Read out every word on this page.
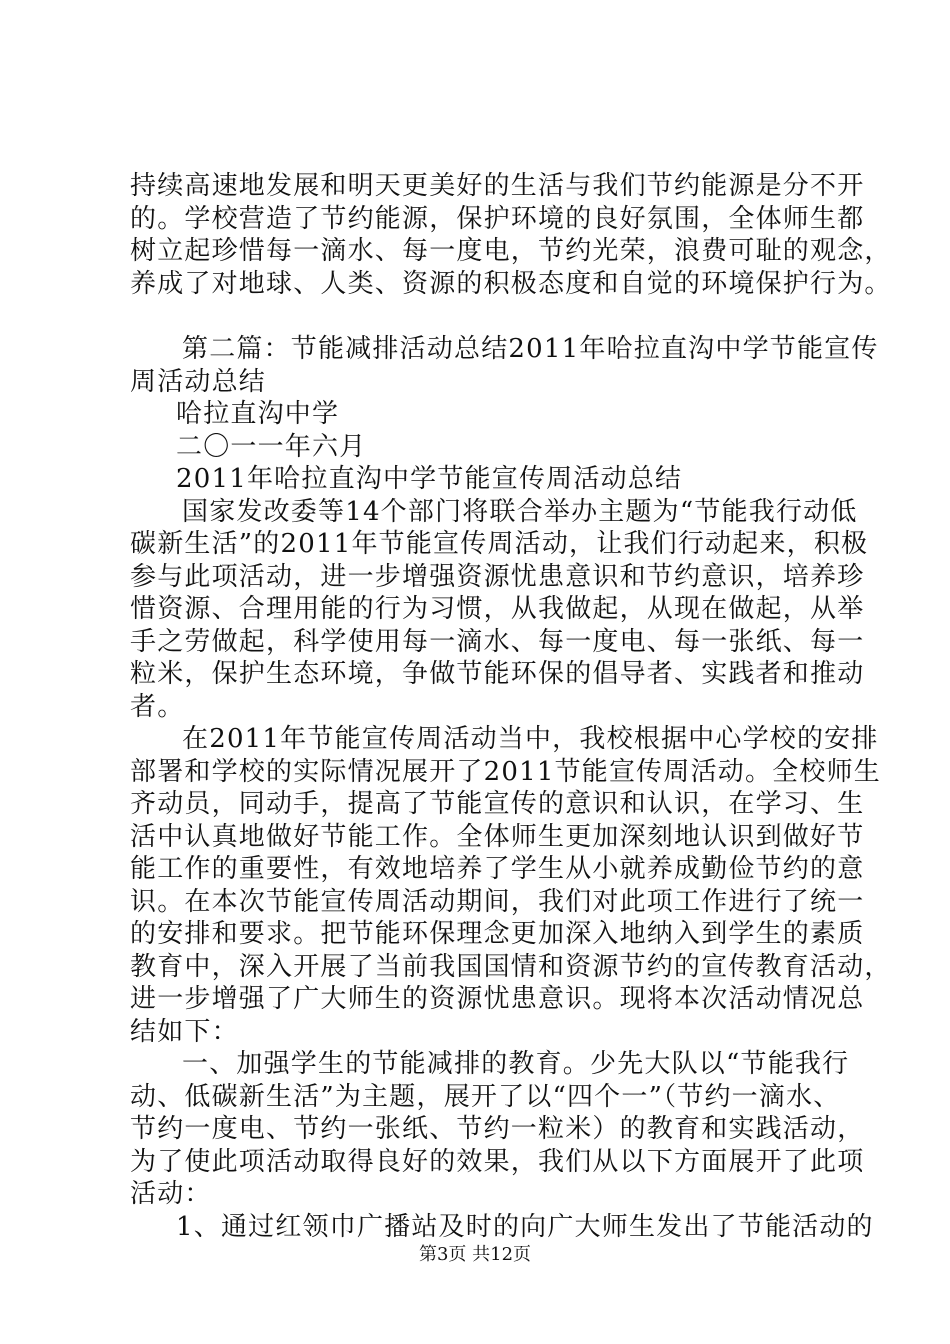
持续高速地发展和明天更美好的生活与我们节约能源是分不开
的。学校营造了节约能源，保护环境的良好氛围，全体师生都
树立起珍惜每一滴水、每一度电，节约光荣，浪费可耻的观念，
养成了对地球、人类、资源的积极态度和自觉的环境保护行为。
第二篇：节能减排活动总结2011年哈拉直沟中学节能宣传
周活动总结
哈拉直沟中学
二〇一一年六月
2011年哈拉直沟中学节能宣传周活动总结
国家发改委等14个部门将联合举办主题为“节能我行动低
碳新生活”的2011年节能宣传周活动，让我们行动起来，积极
参与此项活动，进一步增强资源忧患意识和节约意识，培养珍
惜资源、合理用能的行为习惯，从我做起，从现在做起，从举
手之劳做起，科学使用每一滴水、每一度电、每一张纸、每一
粒米，保护生态环境，争做节能环保的倡导者、实践者和推动
者。
在2011年节能宣传周活动当中，我校根据中心学校的安排
部署和学校的实际情况展开了2011节能宣传周活动。全校师生
齐动员，同动手，提高了节能宣传的意识和认识，在学习、生
活中认真地做好节能工作。全体师生更加深刻地认识到做好节
能工作的重要性，有效地培养了学生从小就养成勤俭节约的意
识。在本次节能宣传周活动期间，我们对此项工作进行了统一
的安排和要求。把节能环保理念更加深入地纳入到学生的素质
教育中，深入开展了当前我国国情和资源节约的宣传教育活动，
进一步增强了广大师生的资源忧患意识。现将本次活动情况总
结如下：
一、加强学生的节能减排的教育。少先大队以“节能我行
动、低碳新生活”为主题，展开了以“四个一”（节约一滴水、
节约一度电、节约一张纸、节约一粒米）的教育和实践活动，
为了使此项活动取得良好的效果，我们从以下方面展开了此项
活动：
1、通过红领巾广播站及时的向广大师生发出了节能活动的
第3页 共12页
